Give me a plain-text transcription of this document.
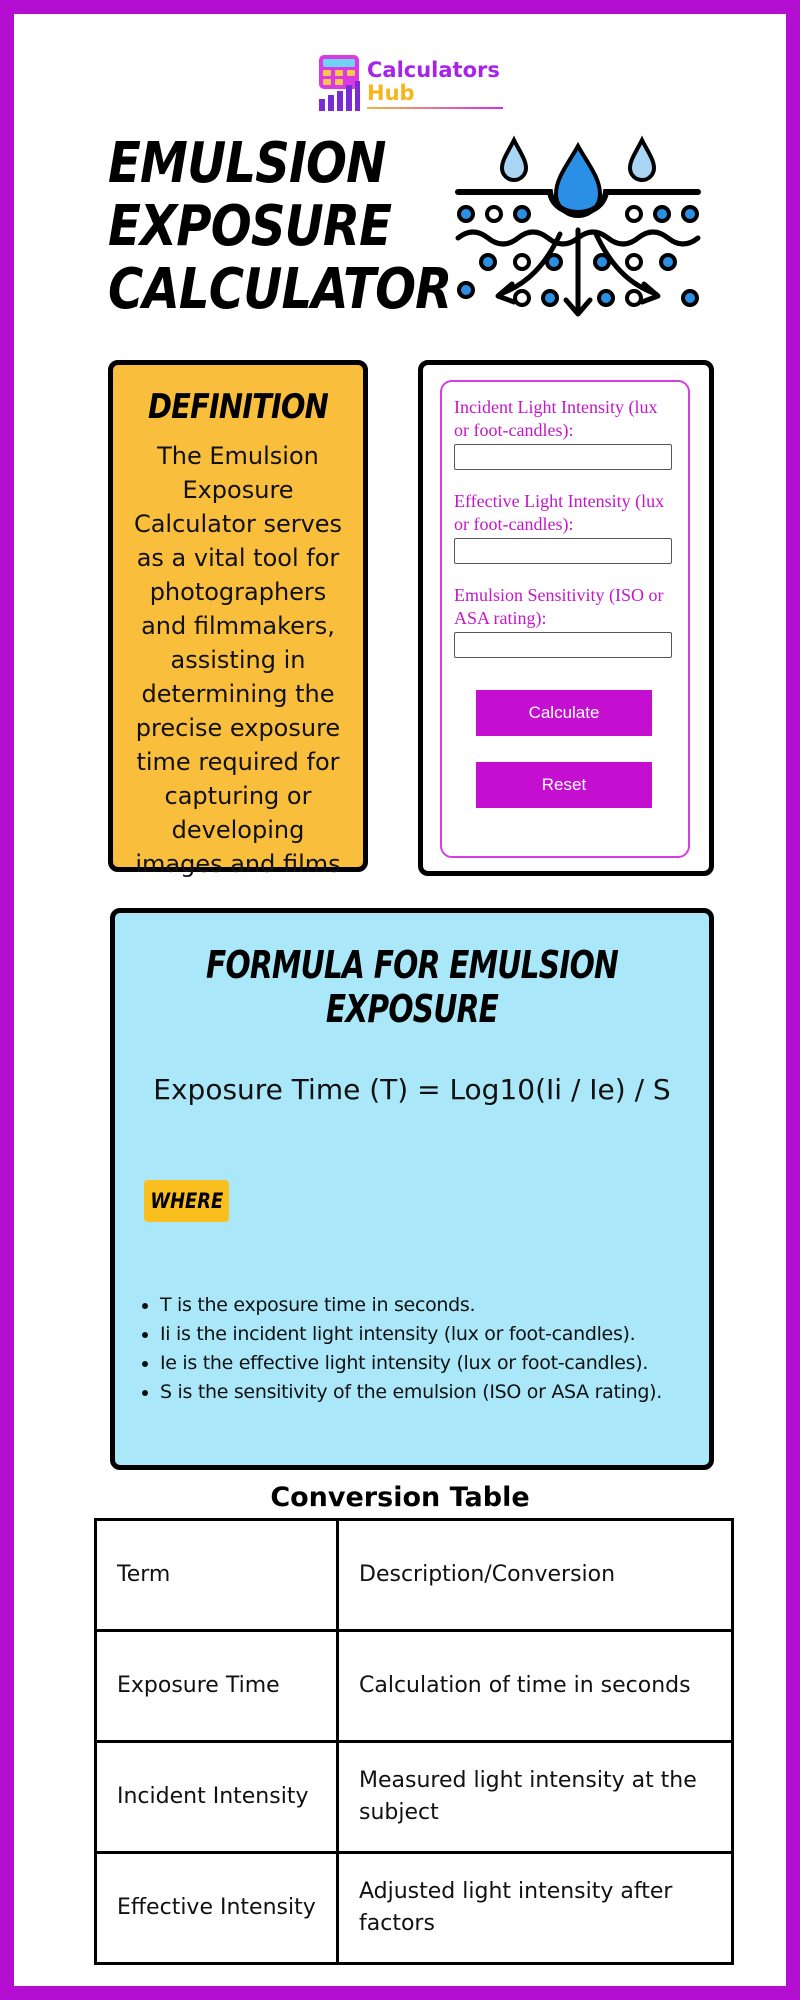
Calculators
Hub
EMULSION
EXPOSURE
CALCULATOR
DEFINITION

The Emulsion Exposure Calculator serves as a vital tool for photographers and filmmakers, assisting in determining the precise exposure time required for capturing or developing images and films

Incident Light Intensity (lux or foot-candles):
Effective Light Intensity (lux or foot-candles):
Emulsion Sensitivity (ISO or ASA rating):
Calculate
Reset
FORMULA FOR EMULSION EXPOSURE
Exposure Time (T) = Log10(Ii / Ie) / S
WHERE
• T is the exposure time in seconds.
• Ii is the incident light intensity (lux or foot-candles).
• Ie is the effective light intensity (lux or foot-candles).
• S is the sensitivity of the emulsion (ISO or ASA rating).
Conversion Table
Term	Description/Conversion
Exposure Time	Calculation of time in seconds
Incident Intensity	Measured light intensity at the subject
Effective Intensity	Adjusted light intensity after factors
